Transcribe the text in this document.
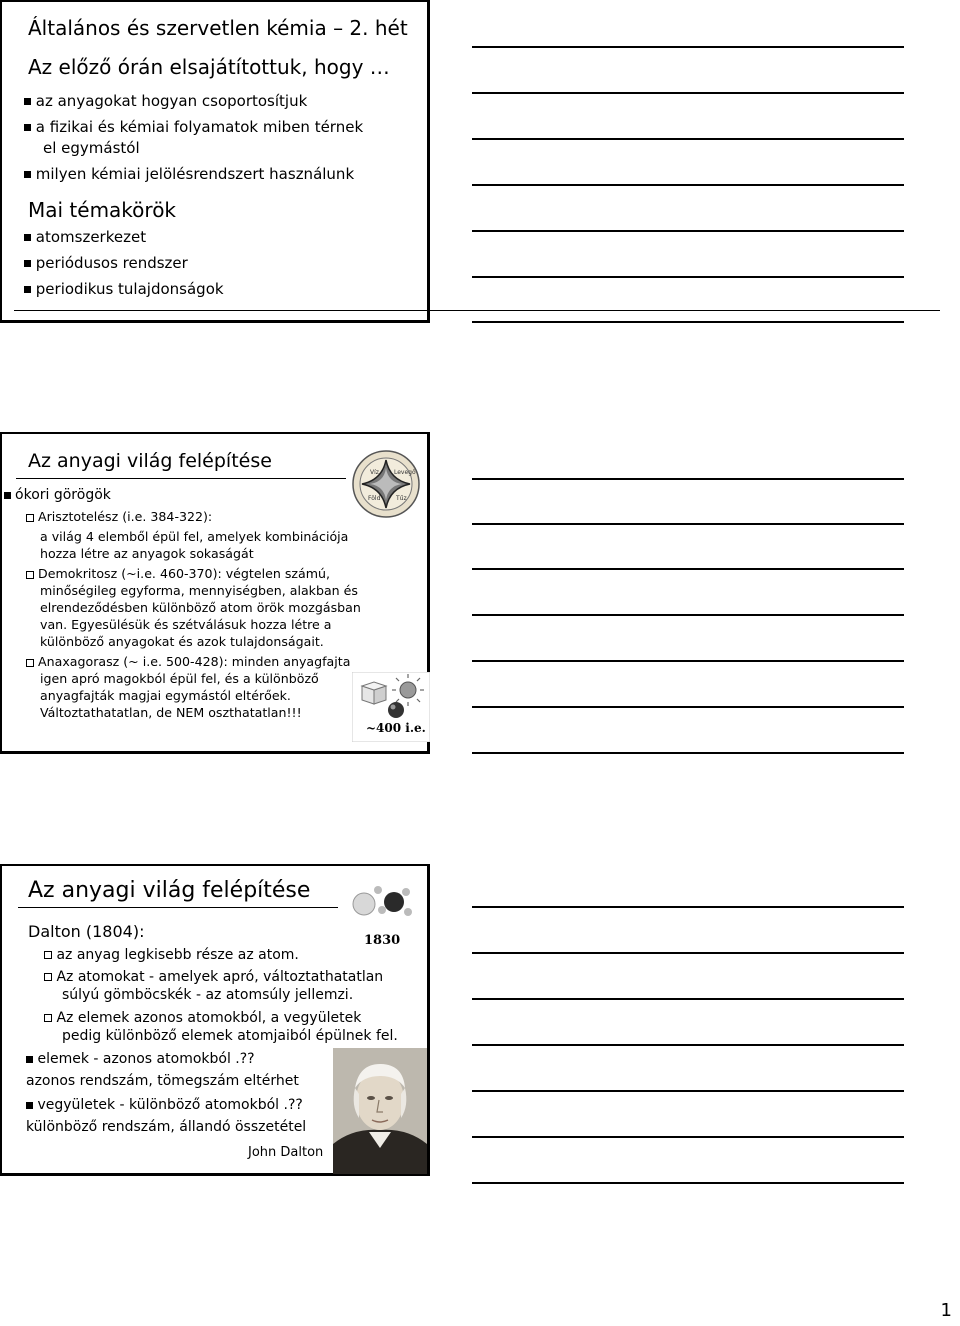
Általános és szervetlen kémia – 2. hét
Az előző órán elsajátítottuk, hogy …
az anyagokat hogyan csoportosítjuk
a fizikai és kémiai folyamatok miben térnek
el egymástól
milyen kémiai jelölésrendszert használunk
Mai témakörök
atomszerkezet
periódusos rendszer
periodikus tulajdonságok
Az anyagi világ felépítése
Víz	Levegő
Föld	Tűz
ókori görögök
Arisztotelész (i.e. 384-322):
a világ 4 elemből épül fel, amelyek kombinációja
hozza létre az anyagok sokaságát
Demokritosz (~i.e. 460-370): végtelen számú,
minőségileg egyforma, mennyiségben, alakban és
elrendeződésben különböző atom örök mozgásban
van. Egyesülésük és szétválásuk hozza létre a
különböző anyagokat és azok tulajdonságait.
Anaxagorasz (~ i.e. 500-428): minden anyagfajta
igen apró magokból épül fel, és a különböző
anyagfajták magjai egymástól eltérőek.
Változtathatatlan, de NEM oszthatatlan!!!
~400 i.e.
Az anyagi világ felépítése
1830
Dalton (1804):
az anyag legkisebb része az atom.
Az atomokat - amelyek apró, változtathatatlan
súlyú gömböcskék - az atomsúly jellemzi.
Az elemek azonos atomokból, a vegyületek
pedig különböző elemek atomjaiból épülnek fel.
elemek - azonos atomokból .??
azonos rendszám, tömegszám eltérhet
vegyületek - különböző atomokból .??
különböző rendszám, állandó összetétel
John Dalton
1
